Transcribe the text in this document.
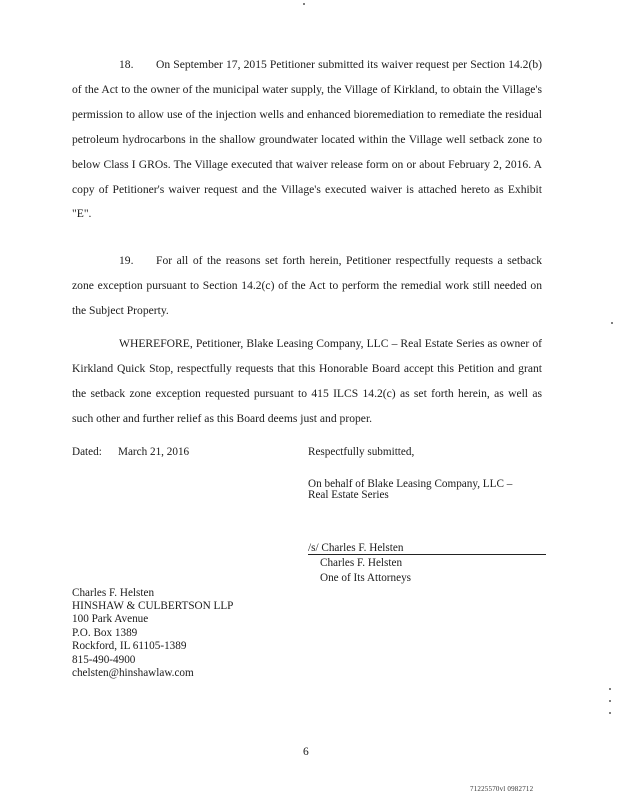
18. On September 17, 2015 Petitioner submitted its waiver request per Section 14.2(b) of the Act to the owner of the municipal water supply, the Village of Kirkland, to obtain the Village's permission to allow use of the injection wells and enhanced bioremediation to remediate the residual petroleum hydrocarbons in the shallow groundwater located within the Village well setback zone to below Class I GROs. The Village executed that waiver release form on or about February 2, 2016. A copy of Petitioner's waiver request and the Village's executed waiver is attached hereto as Exhibit "E".
19. For all of the reasons set forth herein, Petitioner respectfully requests a setback zone exception pursuant to Section 14.2(c) of the Act to perform the remedial work still needed on the Subject Property.
WHEREFORE, Petitioner, Blake Leasing Company, LLC – Real Estate Series as owner of Kirkland Quick Stop, respectfully requests that this Honorable Board accept this Petition and grant the setback zone exception requested pursuant to 415 ILCS 14.2(c) as set forth herein, as well as such other and further relief as this Board deems just and proper.
Dated: March 21, 2016	Respectfully submitted,
On behalf of Blake Leasing Company, LLC –
Real Estate Series
/s/ Charles F. Helsten
Charles F. Helsten
One of Its Attorneys
Charles F. Helsten
HINSHAW & CULBERTSON LLP
100 Park Avenue
P.O. Box 1389
Rockford, IL 61105-1389
815-490-4900
chelsten@hinshawlaw.com
6
71225570vl 0982712
